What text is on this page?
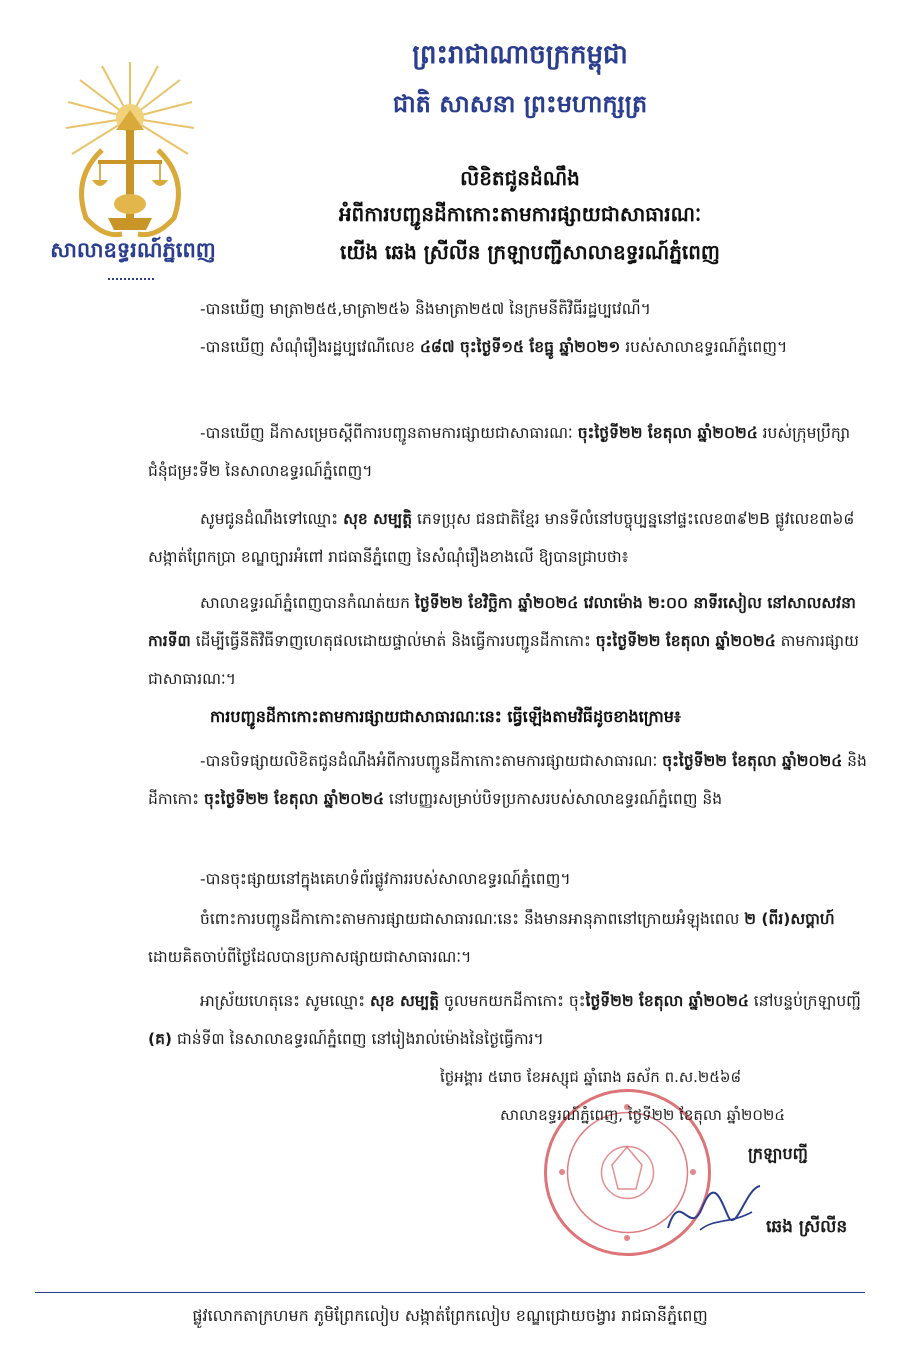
ព្រះរាជាណាចក្រកម្ពុជា
ជាតិ សាសនា ព្រះមហាក្សត្រ
សាលាឧទ្ធរណ៍ភ្នំពេញ
លិខិតជូនដំណឹង
អំពីការបញ្ជូនដីកាកោះតាមការផ្សាយជាសាធារណៈ
យើង ឆេង ស្រីលីន ក្រឡាបញ្ជីសាលាឧទ្ធរណ៍ភ្នំពេញ
-បានឃើញ មាត្រា២៥៥,មាត្រា២៥៦ និងមាត្រា២៥៧ នៃក្រមនីតិវិធីរដ្ឋប្បវេណី។
-បានឃើញ សំណុំរឿងរដ្ឋប្បវេណីលេខ ៤៨៧ ចុះថ្ងៃទី១៥ ខែធ្នូ ឆ្នាំ២០២១ របស់សាលាឧទ្ធរណ៍ភ្នំពេញ។
-បានឃើញ ដីកាសម្រេចស្តីពីការបញ្ជូនតាមការផ្សាយជាសាធារណៈ ចុះថ្ងៃទី២២ ខែតុលា ឆ្នាំ២០២៤ របស់ក្រុមប្រឹក្សាជំនុំជម្រះទី២ នៃសាលាឧទ្ធរណ៍ភ្នំពេញ។
សូមជូនដំណឹងទៅឈ្មោះ សុខ សម្បត្តិ ភេទប្រុស ជនជាតិខ្មែរ មានទីលំនៅបច្ចុប្បន្ននៅផ្ទះលេខ៣៩២B ផ្លូវលេខ៣៦៨ សង្កាត់ព្រែកប្រា ខណ្ឌច្បារអំពៅ រាជធានីភ្នំពេញ នៃសំណុំរឿងខាងលើ ឱ្យបានជ្រាបថា៖
សាលាឧទ្ធរណ៍ភ្នំពេញបានកំណត់យក ថ្ងៃទី២២ ខែវិច្ឆិកា ឆ្នាំ២០២៤ វេលាម៉ោង ២:០០ នាទីរសៀល នៅសាលសវនាការទី៣ ដើម្បីធ្វើនីតិវិធីទាញហេតុផលដោយផ្ទាល់មាត់ និងធ្វើការបញ្ជូនដីកាកោះ ចុះថ្ងៃទី២២ ខែតុលា ឆ្នាំ២០២៤ តាមការផ្សាយជាសាធារណៈ។
ការបញ្ជូនដីកាកោះតាមការផ្សាយជាសាធារណៈនេះ ធ្វើឡើងតាមវិធីដូចខាងក្រោម៖
-បានបិទផ្សាយលិខិតជូនដំណឹងអំពីការបញ្ជូនដីកាកោះតាមការផ្សាយជាសាធារណៈ ចុះថ្ងៃទី២២ ខែតុលា ឆ្នាំ២០២៤ និងដីកាកោះ ចុះថ្ងៃទី២២ ខែតុលា ឆ្នាំ២០២៤ នៅបញ្ញរសម្រាប់បិទប្រកាសរបស់សាលាឧទ្ធរណ៍ភ្នំពេញ និង
-បានចុះផ្សាយនៅក្នុងគេហទំព័រផ្លូវការរបស់សាលាឧទ្ធរណ៍ភ្នំពេញ។
ចំពោះការបញ្ជូនដីកាកោះតាមការផ្សាយជាសាធារណៈនេះ នឹងមានអានុភាពនៅក្រោយអំឡុងពេល ២ (ពីរ)សប្តាហ៍ ដោយគិតចាប់ពីថ្ងៃដែលបានប្រកាសផ្សាយជាសាធារណៈ។
អាស្រ័យហេតុនេះ សូមឈ្មោះ សុខ សម្បត្តិ ចូលមកយកដីកាកោះ ចុះថ្ងៃទី២២ ខែតុលា ឆ្នាំ២០២៤ នៅបន្ទប់ក្រឡាបញ្ជី (គ) ជាន់ទី៣ នៃសាលាឧទ្ធរណ៍ភ្នំពេញ នៅរៀងរាល់ម៉ោងនៃថ្ងៃធ្វើការ។
ថ្ងៃអង្គារ ៥រោច ខែអស្សុជ ឆ្នាំរោង ឆស័ក ព.ស.២៥៦៨
សាលាឧទ្ធរណ៍ភ្នំពេញ, ថ្ងៃទី២២ ខែតុលា ឆ្នាំ២០២៤
ក្រឡាបញ្ជី
ឆេង ស្រីលីន
ផ្លូវលោកតាក្រហមក ភូមិព្រែកលៀប សង្កាត់ព្រែកលៀប ខណ្ឌជ្រោយចង្វារ រាជធានីភ្នំពេញ
